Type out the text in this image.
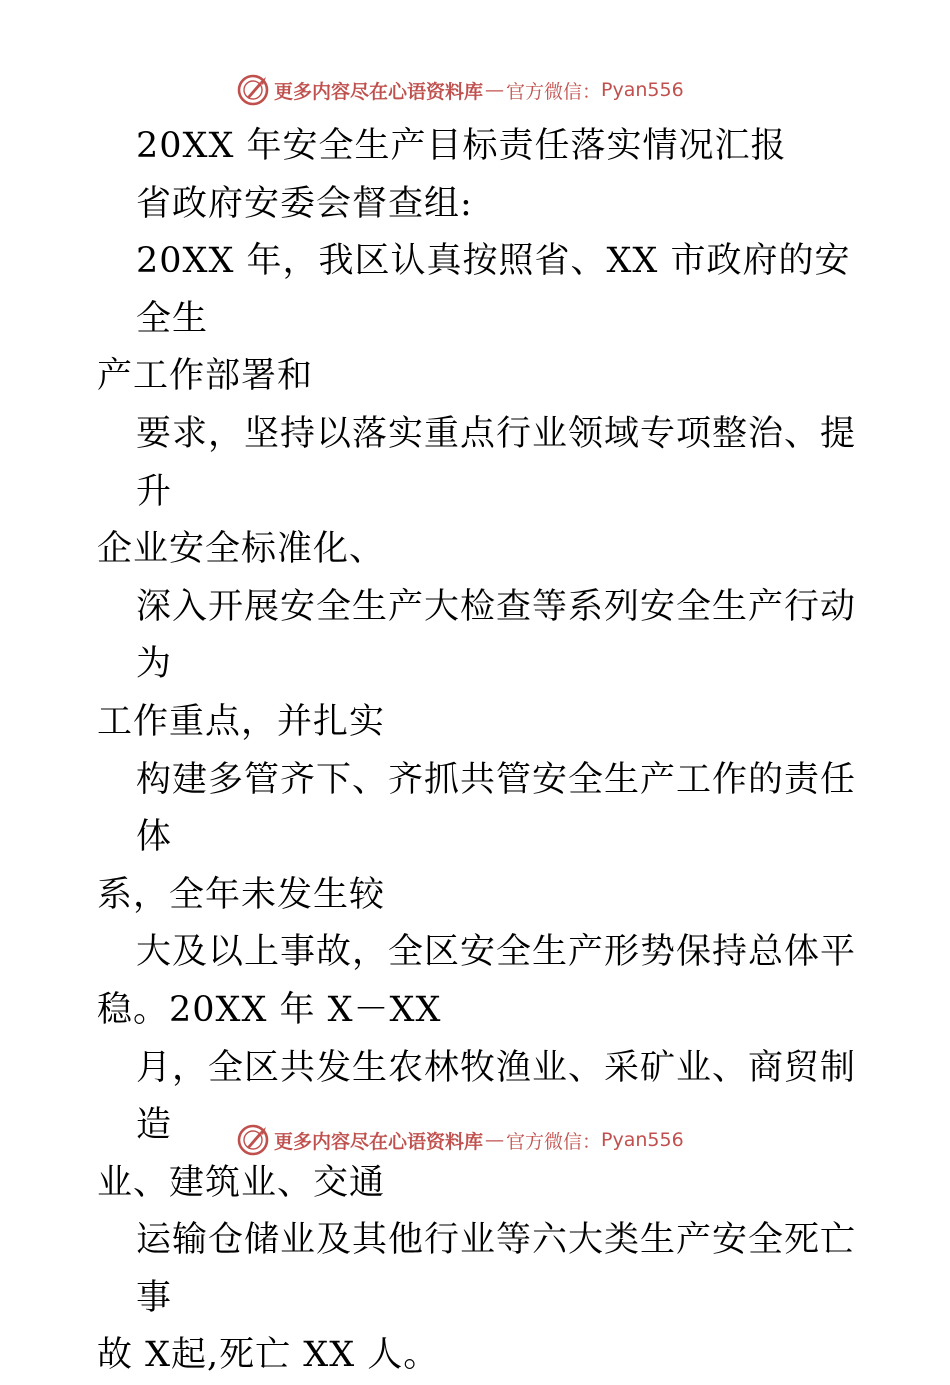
更多内容尽在心语资料库 — 官方微信： Pyan556

20XX 年安全生产目标责任落实情况汇报

省政府安委会督查组:

20XX 年，我区认真按照省、XX 市政府的安全生

产工作部署和

要求，坚持以落实重点行业领域专项整治、提升

企业安全标准化、

深入开展安全生产大检查等系列安全生产行动为

工作重点，并扎实

构建多管齐下、齐抓共管安全生产工作的责任体

系，全年未发生较

大及以上事故，全区安全生产形势保持总体平

稳。20XX 年 X－XX

月，全区共发生农林牧渔业、采矿业、商贸制造

业、建筑业、交通

运输仓储业及其他行业等六大类生产安全死亡事

故 X起,死亡 XX 人。

更多内容尽在心语资料库 — 官方微信： Pyan556
